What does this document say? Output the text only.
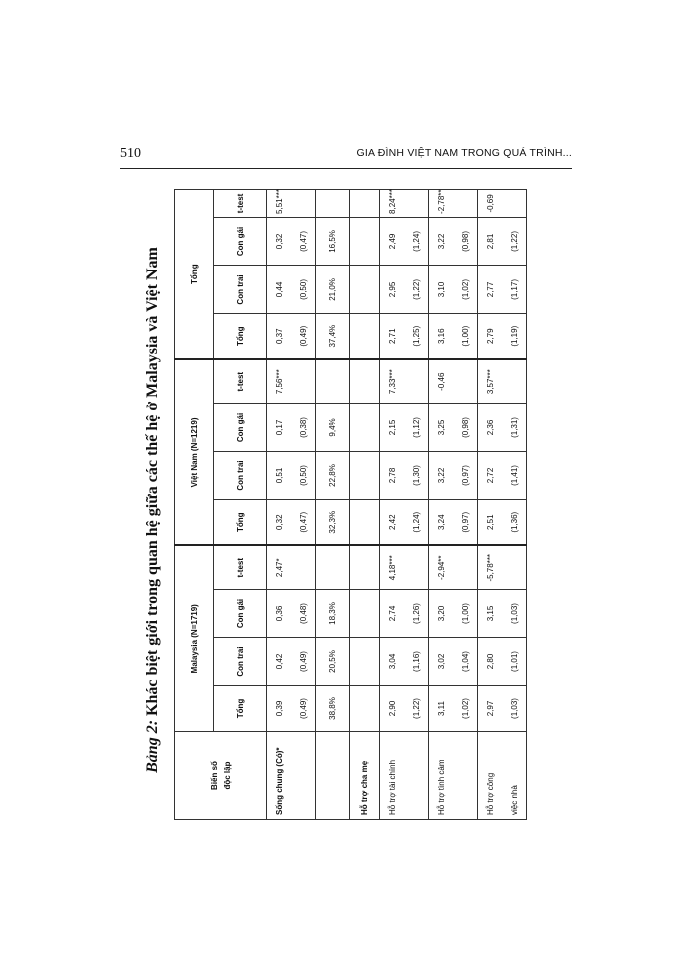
510	GIA ĐÌNH VIỆT NAM TRONG QUÁ TRÌNH...
Bảng 2: Khác biệt giới trong quan hệ giữa các thế hệ ở Malaysia và Việt Nam
Biến số độc lập	Malaysia (N=1719)				Việt Nam (N=1219)				Tổng			
	Tổng	Con trai	Con gái	t-test	Tổng	Con trai	Con gái	t-test	Tổng	Con trai	Con gái	t-test
Sống chung (Có)*	0,39	0,42	0,36	2,47*	0,32	0,51	0,17	7,56***	0,37	0,44	0,32	5,51***
	(0,49)	(0,49)	(0,48)		(0,47)	(0,50)	(0,38)		(0,49)	(0,50)	(0,47)	
	38,8%	20,5%	18,3%		32,3%	22,8%	9,4%		37,4%	21,0%	16,5%	
Hỗ trợ cha mẹ												
Hỗ trợ tài chính	2,90	3,04	2,74	4,18***	2,42	2,78	2,15	7,33***	2,71	2,95	2,49	8,24***
	(1,22)	(1,16)	(1,26)		(1,24)	(1,30)	(1,12)		(1,25)	(1,22)	(1,24)	
Hỗ trợ tình cảm	3,11	3,02	3,20	-2,94**	3,24	3,22	3,25	-0,46	3,16	3,10	3,22	-2,78**
	(1,02)	(1,04)	(1,00)		(0,97)	(0,97)	(0,98)		(1,00)	(1,02)	(0,98)	
Hỗ trợ công	2,97	2,80	3,15	-5,78***	2,51	2,72	2,36	3,57***	2,79	2,77	2,81	-0,69
việc nhà	(1,03)	(1,01)	(1,03)		(1,36)	(1,41)	(1,31)		(1,19)	(1,17)	(1,22)	
